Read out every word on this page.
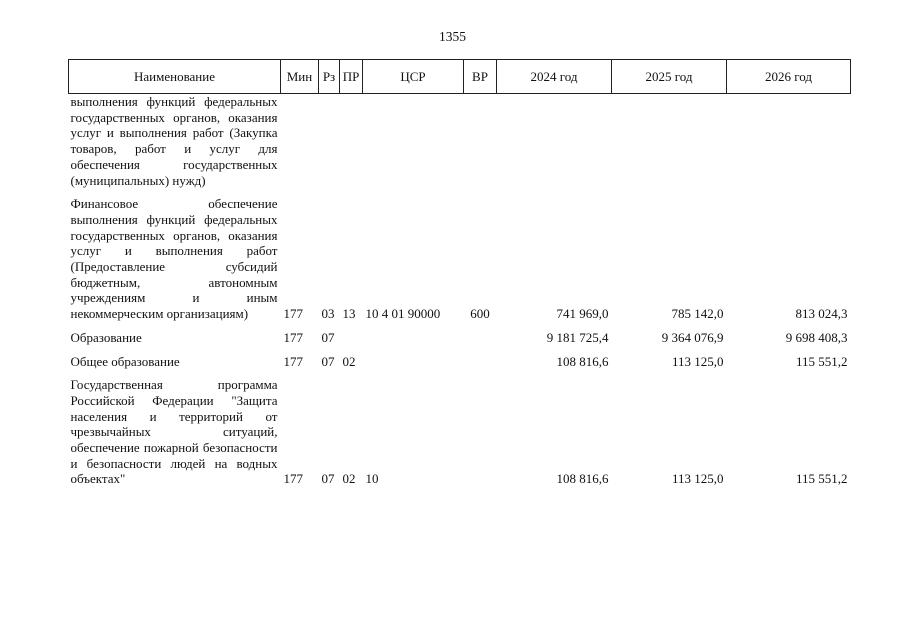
1355
Наименование	Мин	Рз	ПР	ЦСР	ВР	2024 год	2025 год	2026 год
выполнения функций федеральных государственных органов, оказания услуг и выполнения работ (Закупка товаров, работ и услуг для обеспечения государственных (муниципальных) нужд)								

Финансовое обеспечение выполнения функций федеральных государственных органов, оказания услуг и выполнения работ (Предоставление субсидий бюджетным, автономным учреждениям и иным некоммерческим организациям)	177	03	13	10 4 01 90000	600	741 969,0	785 142,0	813 024,3

Образование	177	07				9 181 725,4	9 364 076,9	9 698 408,3

Общее образование	177	07	02			108 816,6	113 125,0	115 551,2

Государственная программа Российской Федерации "Защита населения и территорий от чрезвычайных ситуаций, обеспечение пожарной безопасности и безопасности людей на водных объектах"	177	07	02	10		108 816,6	113 125,0	115 551,2
